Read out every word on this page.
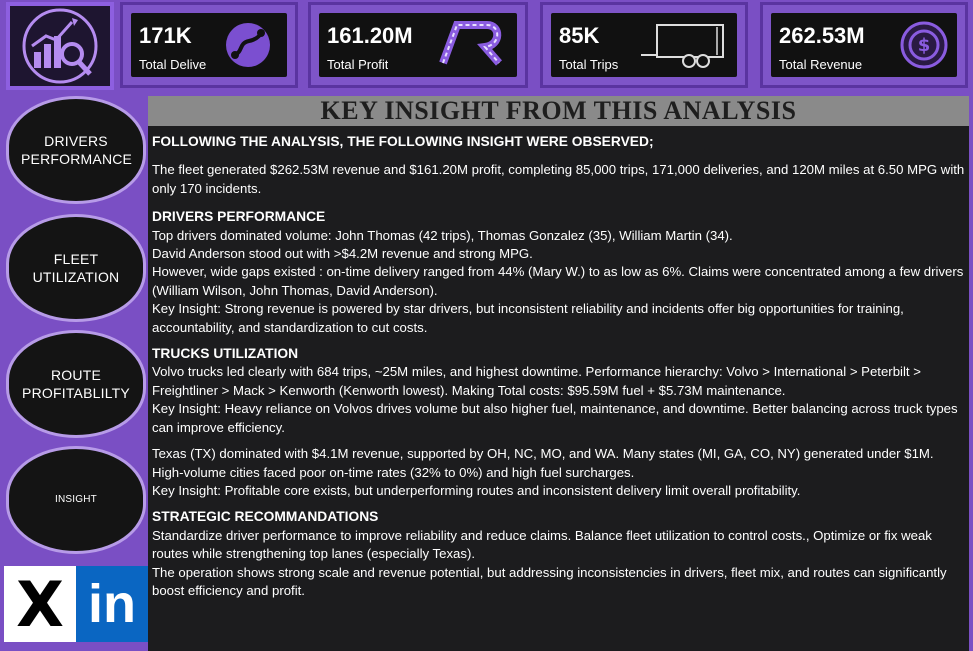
171K
Total Delive
161.20M
Total Profit
85K
Total Trips
262.53M
Total Revenue
$
DRIVERS PERFORMANCE
FLEET UTILIZATION
ROUTE PROFITABLILTY
INSIGHT
X in
KEY INSIGHT FROM THIS ANALYSIS
FOLLOWING THE ANALYSIS, THE FOLLOWING INSIGHT WERE OBSERVED;

The fleet generated $262.53M revenue and $161.20M profit, completing 85,000 trips, 171,000 deliveries, and 120M miles at 6.50 MPG with only 170 incidents.

DRIVERS PERFORMANCE

Top drivers dominated volume: John Thomas (42 trips), Thomas Gonzalez (35), William Martin (34).

David Anderson stood out with >$4.2M revenue and strong MPG.

However, wide gaps existed : on-time delivery ranged from 44% (Mary W.) to as low as 6%. Claims were concentrated among a few drivers (William Wilson, John Thomas, David Anderson).

Key Insight: Strong revenue is powered by star drivers, but inconsistent reliability and incidents offer big opportunities for training, accountability, and standardization to cut costs.

TRUCKS UTILIZATION

Volvo trucks led clearly with 684 trips, ~25M miles, and highest downtime. Performance hierarchy: Volvo > International > Peterbilt > Freightliner > Mack > Kenworth (Kenworth lowest). Making Total costs: $95.59M fuel + $5.73M maintenance.

Key Insight: Heavy reliance on Volvos drives volume but also higher fuel, maintenance, and downtime. Better balancing across truck types can improve efficiency.

Texas (TX) dominated with $4.1M revenue, supported by OH, NC, MO, and WA. Many states (MI, GA, CO, NY) generated under $1M. High-volume cities faced poor on-time rates (32% to 0%) and high fuel surcharges.

Key Insight: Profitable core exists, but underperforming routes and inconsistent delivery limit overall profitability.

STRATEGIC RECOMMANDATIONS

Standardize driver performance to improve reliability and reduce claims. Balance fleet utilization to control costs., Optimize or fix weak routes while strengthening top lanes (especially Texas).

The operation shows strong scale and revenue potential, but addressing inconsistencies in drivers, fleet mix, and routes can significantly boost efficiency and profit.
